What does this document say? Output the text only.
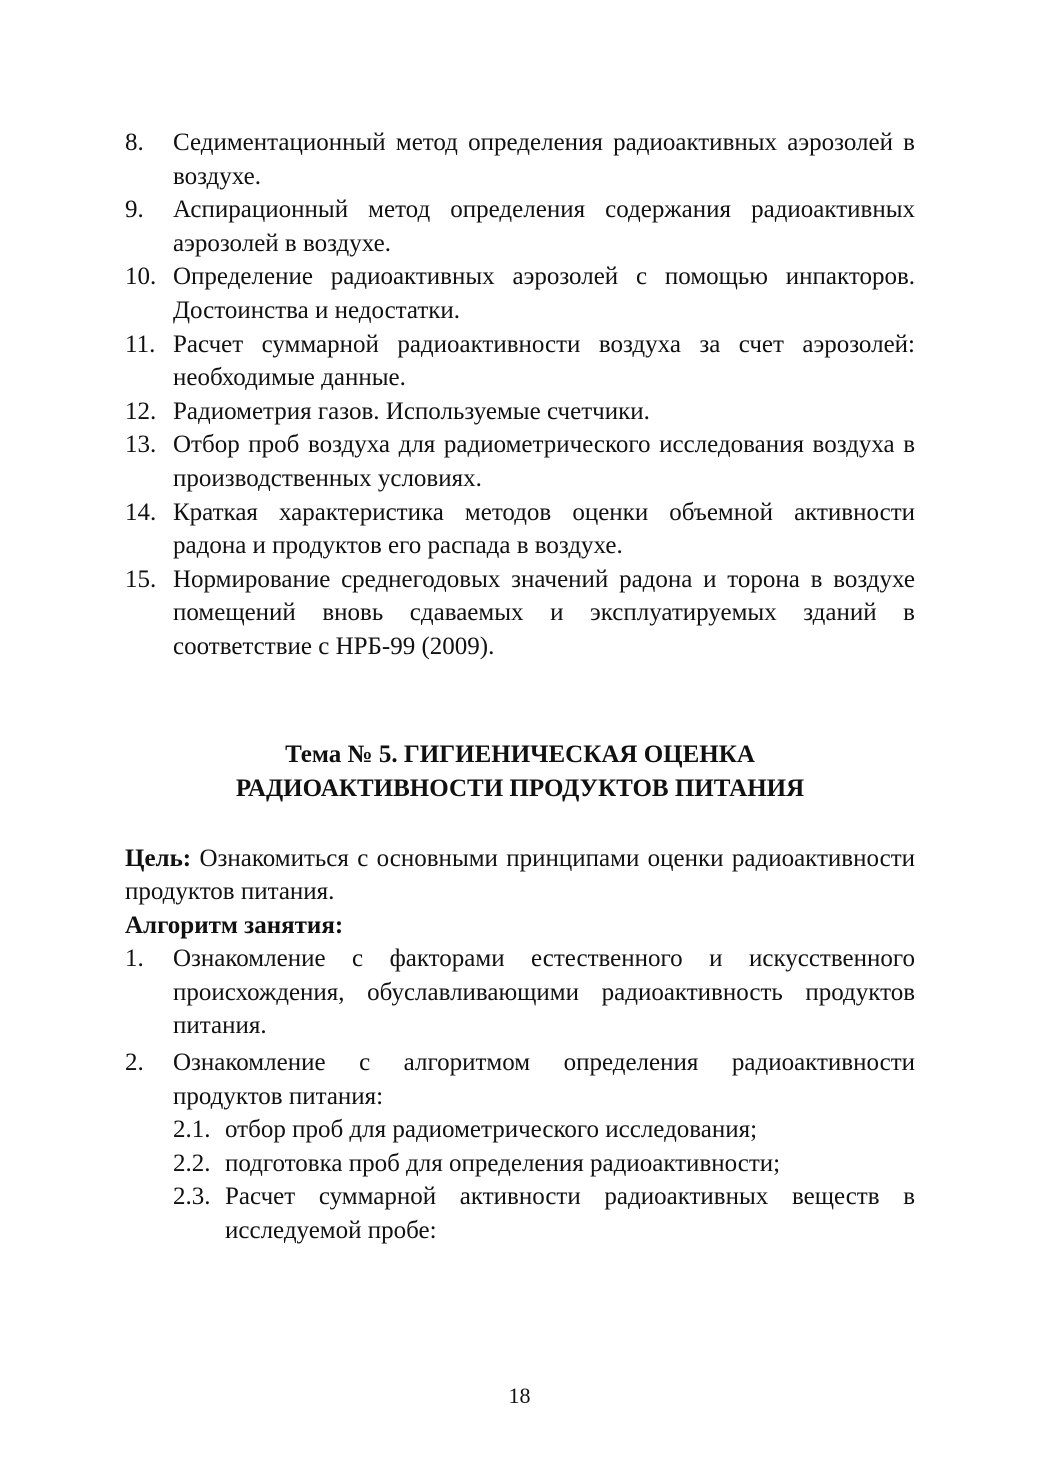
8.	Седиментационный метод определения радиоактивных аэрозолей в воздухе.
9.	Аспирационный метод определения содержания радиоактивных аэрозолей в воздухе.
10. Определение радиоактивных аэрозолей с помощью инпакторов. Достоинства и недостатки.
11. Расчет суммарной радиоактивности воздуха за счет аэрозолей: необходимые данные.
12. Радиометрия газов. Используемые счетчики.
13. Отбор проб воздуха для радиометрического исследования воздуха в производственных условиях.
14. Краткая характеристика методов оценки объемной активности радона и продуктов его распада в воздухе.
15. Нормирование среднегодовых значений радона и торона в воздухе помещений вновь сдаваемых и эксплуатируемых зданий в соответствие с НРБ-99 (2009).
Тема № 5. ГИГИЕНИЧЕСКАЯ ОЦЕНКА
РАДИОАКТИВНОСТИ ПРОДУКТОВ ПИТАНИЯ

Цель: Ознакомиться с основными принципами оценки радиоактивности продуктов питания.

Алгоритм занятия:

1.	Ознакомление с факторами естественного и искусственного происхождения, обуславливающими радиоактивность продуктов питания.
2.	Ознакомление с алгоритмом определения радиоактивности продуктов питания:
2.1. отбор проб для радиометрического исследования;
2.2. подготовка проб для определения радиоактивности;
2.3. Расчет суммарной активности радиоактивных веществ в исследуемой пробе:
18
